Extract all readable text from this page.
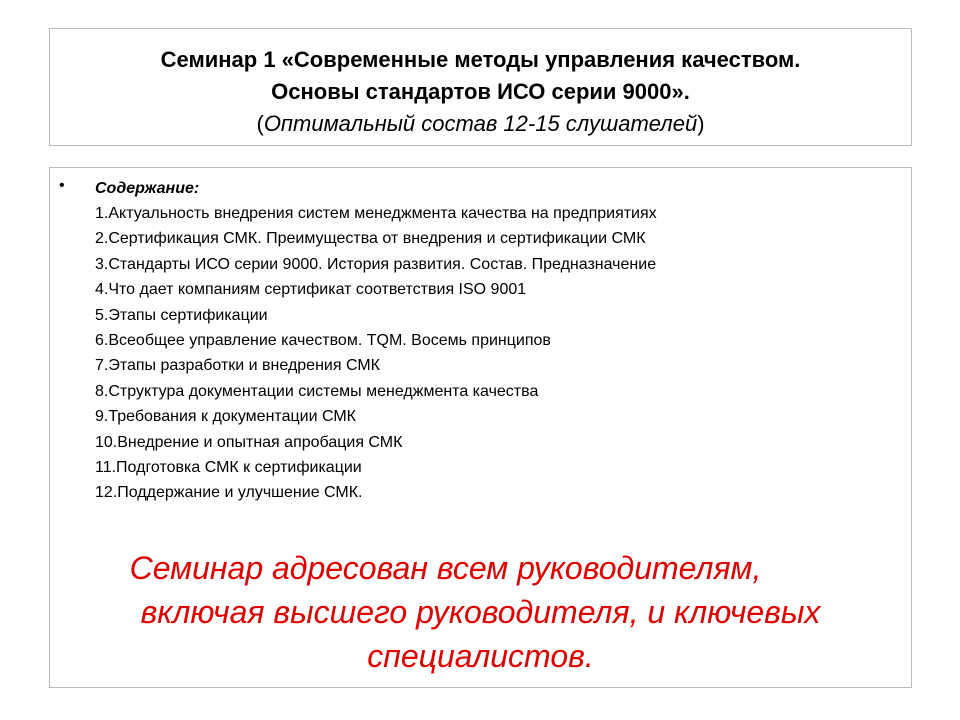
Семинар 1 «Современные методы управления качеством.
Основы стандартов ИСО серии 9000».
(Оптимальный состав 12-15 слушателей)
• Содержание:
1.Актуальность внедрения систем менеджмента качества на предприятиях
2.Сертификация СМК. Преимущества от внедрения и сертификации СМК
3.Стандарты ИСО серии 9000. История развития. Состав. Предназначение
4.Что дает компаниям сертификат соответствия ISO 9001
5.Этапы сертификации
6.Всеобщее управление качеством. TQM. Восемь принципов
7.Этапы разработки и внедрения СМК
8.Структура документации системы менеджмента качества
9.Требования к документации СМК
10.Внедрение и опытная апробация СМК
11.Подготовка СМК к сертификации
12.Поддержание и улучшение СМК.
Семинар адресован всем руководителям,
включая высшего руководителя, и ключевых
специалистов.
